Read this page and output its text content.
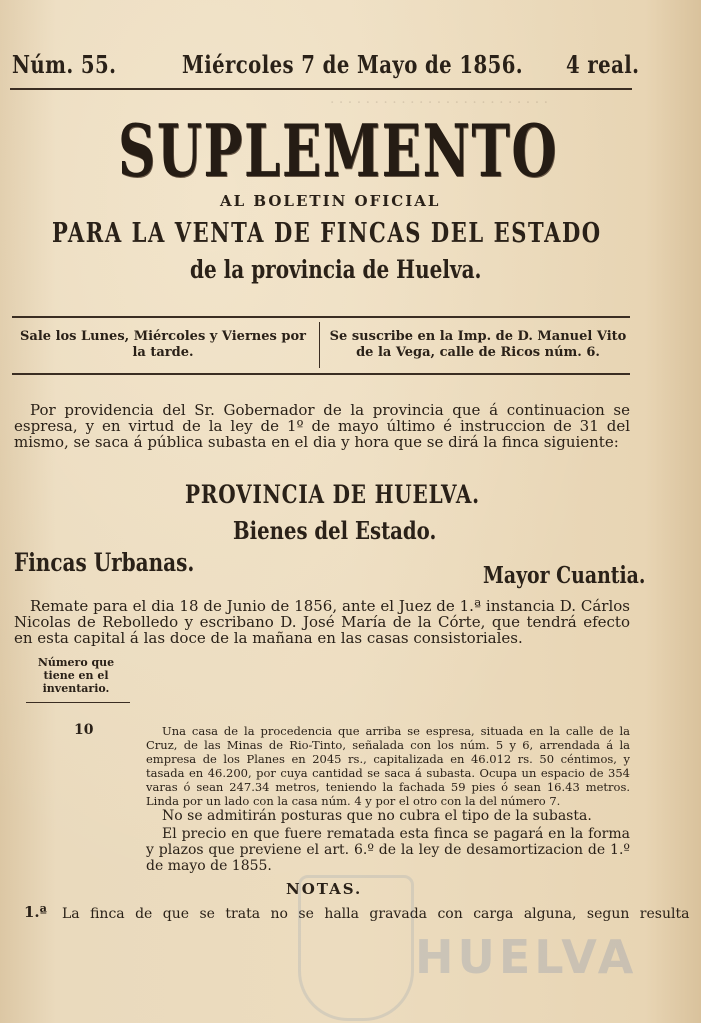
· · · · · · · · · · · · · · · · · · · · · · · · ·
Núm. 55.	Miércoles 7 de Mayo de 1856. 4 real.
SUPLEMENTO
AL BOLETIN OFICIAL
PARA LA VENTA DE FINCAS DEL ESTADO
de la provincia de Huelva.
Sale los Lunes, Miércoles y Viernes por la tarde.
Se suscribe en la Imp. de D. Manuel Vito de la Vega, calle de Ricos núm. 6.
Por providencia del Sr. Gobernador de la provincia que á continuacion se espresa, y en virtud de la ley de 1º de mayo último é instruccion de 31 del mismo, se saca á pública subasta en el dia y hora que se dirá la finca siguiente:
PROVINCIA DE HUELVA.
Bienes del Estado.
Fincas Urbanas.	Mayor Cuantia.
Remate para el dia 18 de Junio de 1856, ante el Juez de 1.ª instancia D. Cárlos Nicolas de Rebolledo y escribano D. José María de la Córte, que tendrá efecto en esta capital á las doce de la mañana en las casas consistoriales.
Número que tiene en el inventario.
10	Una casa de la procedencia que arriba se espresa, situada en la calle de la Cruz, de las Minas de Rio-Tinto, señalada con los núm. 5 y 6, arrendada á la empresa de los Planes en 2045 rs., capitalizada en 46.012 rs. 50 céntimos, y tasada en 46.200, por cuya cantidad se saca á subasta. Ocupa un espacio de 354 varas ó sean 247.34 metros, teniendo la fachada 59 pies ó sean 16.43 metros. Linda por un lado con la casa núm. 4 y por el otro con la del número 7.
No se admitirán posturas que no cubra el tipo de la subasta.
El precio en que fuere rematada esta finca se pagará en la forma y plazos que previene el art. 6.º de la ley de desamortizacion de 1.º de mayo de 1855.
NOTAS.
1.ª La finca de que se trata no se halla gravada con carga alguna, segun resulta
HUELVA
